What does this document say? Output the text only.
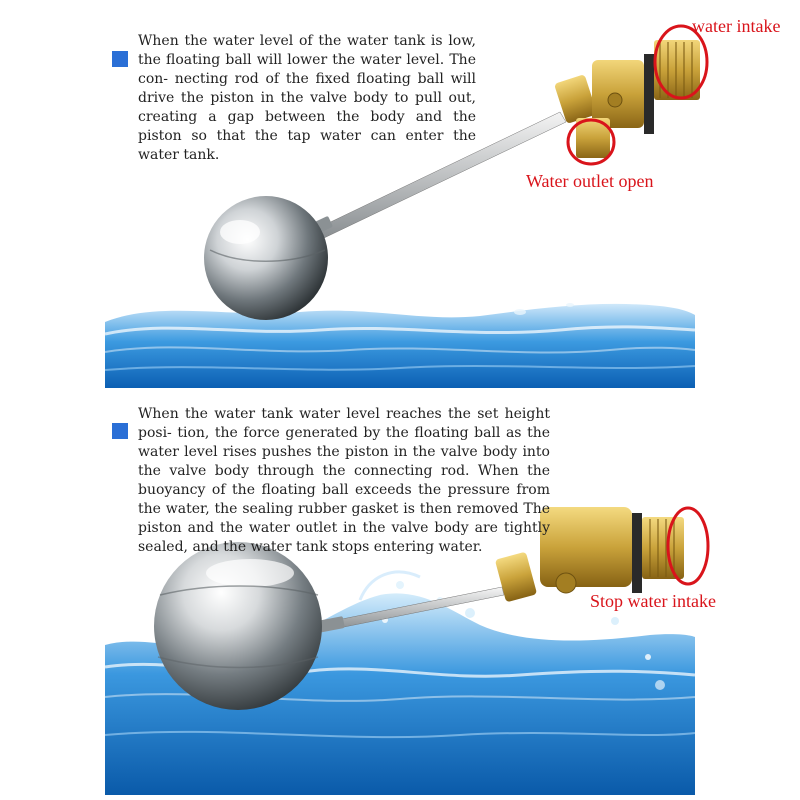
When the water level of the water tank is low, the floating ball will lower the water level. The con- necting rod of the fixed floating ball will drive the piston in the valve body to pull out, creating a gap between the body and the piston so that the tap water can enter the water tank.

water intake
Water outlet open

When the water tank water level reaches the set height posi- tion, the force generated by the floating ball as the water level rises pushes the piston in the valve body into the valve body through the connecting rod. When the buoyancy of the floating ball exceeds the pressure from the water, the sealing rubber gasket is then removed The piston and the water outlet in the valve body are tightly sealed, and the water tank stops entering water.

Stop water intake
